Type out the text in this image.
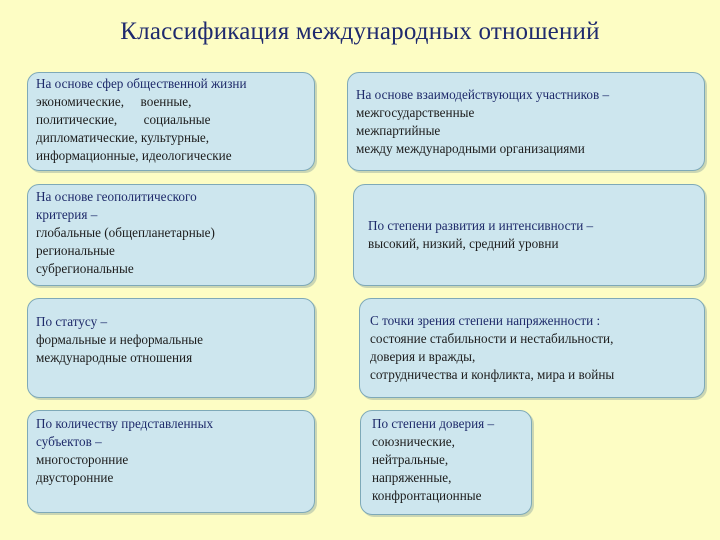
Классификация международных отношений
На основе сфер общественной жизни
экономические,     военные,
политические,        социальные
дипломатические, культурные,
информационные, идеологические
На основе взаимодействующих участников –
межгосударственные
межпартийные
между международными организациями
На основе геополитического
критерия –
глобальные (общепланетарные)
региональные
субрегиональные
По степени развития и интенсивности –
высокий, низкий, средний уровни
По статусу –
формальные и неформальные
международные отношения
С точки зрения степени напряженности :
состояние стабильности и нестабильности,
доверия и вражды,
сотрудничества и конфликта, мира и войны
По количеству представленных
субъектов –
многосторонние
двусторонние
По степени доверия –
союзнические,
нейтральные,
напряженные,
конфронтационные
